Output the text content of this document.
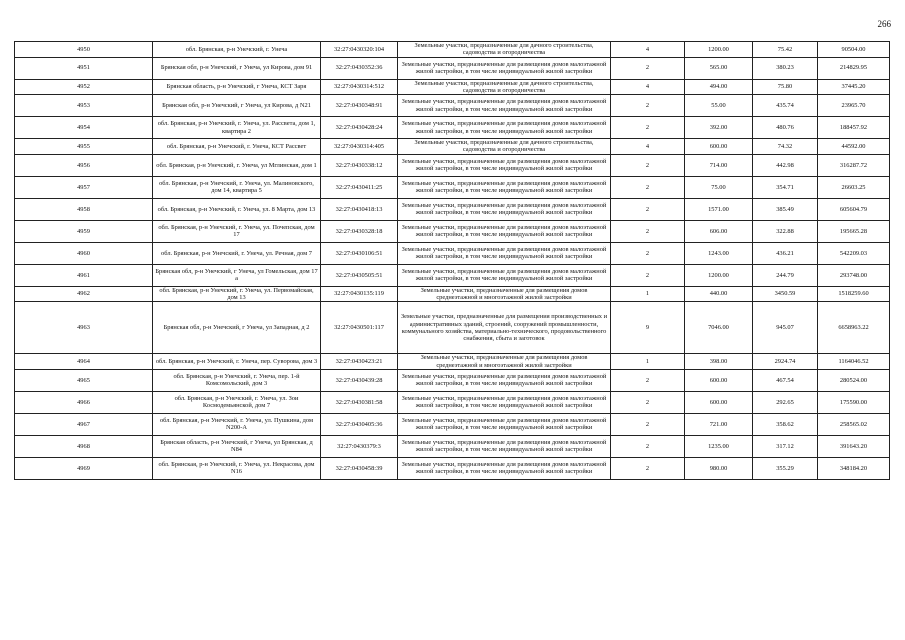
266
4950	обл. Брянская, р-н Унечский, г. Унеча	32:27:0430320:104	Земельные участки, предназначенные для дачного строительства, садоводства и огородничества	4	1200.00	75.42	90504.00
4951	Брянская обл, р-н Унечский, г Унеча, ул Кирова, дом 91	32:27:0430352:36	Земельные участки, предназначенные для размещения домов малоэтажной жилой застройки, в том числе индивидуальной жилой застройки	2	565.00	380.23	214829.95
4952	Брянская область, р-н Унечский, г Унеча, КСТ Заря	32:27:0430314:512	Земельные участки, предназначенные для дачного строительства, садоводства и огородничества	4	494.00	75.80	37445.20
4953	Брянская обл, р-н Унечский, г Унеча, ул Кирова, д N21	32:27:0430348:91	Земельные участки, предназначенные для размещения домов малоэтажной жилой застройки, в том числе индивидуальной жилой застройки	2	55.00	435.74	23965.70
4954	обл. Брянская, р-н Унечский, г. Унеча, ул. Рассвета, дом 1, квартира 2	32:27:0430428:24	Земельные участки, предназначенные для размещения домов малоэтажной жилой застройки, в том числе индивидуальной жилой застройки	2	392.00	480.76	188457.92
4955	обл. Брянская, р-н Унечский, г. Унеча, КСТ Рассвет	32:27:0430314:405	Земельные участки, предназначенные для дачного строительства, садоводства и огородничества	4	600.00	74.32	44592.00
4956	обл. Брянская, р-н Унечский, г. Унеча, ул Мглинская, дом 1	32:27:0430338:12	Земельные участки, предназначенные для размещения домов малоэтажной жилой застройки, в том числе индивидуальной жилой застройки	2	714.00	442.98	316287.72
4957	обл. Брянская, р-н Унечский, г. Унеча, ул. Малиновского, дом 14, квартира 5	32:27:0430411:25	Земельные участки, предназначенные для размещения домов малоэтажной жилой застройки, в том числе индивидуальной жилой застройки	2	75.00	354.71	26603.25
4958	обл. Брянская, р-н Унечский, г. Унеча, ул. 8 Марта, дом 13	32:27:0430418:13	Земельные участки, предназначенные для размещения домов малоэтажной жилой застройки, в том числе индивидуальной жилой застройки	2	1571.00	385.49	605604.79
4959	обл. Брянская, р-н Унечский, г. Унеча, ул. Почепская, дом 17	32:27:0430328:18	Земельные участки, предназначенные для размещения домов малоэтажной жилой застройки, в том числе индивидуальной жилой застройки	2	606.00	322.88	195665.28
4960	обл. Брянская, р-н Унечский, г. Унеча, ул. Речная, дом 7	32:27:0430106:51	Земельные участки, предназначенные для размещения домов малоэтажной жилой застройки, в том числе индивидуальной жилой застройки	2	1243.00	436.21	542209.03
4961	Брянская обл, р-н Унечский, г Унеча, ул Гомельская, дом 17 а	32:27:0430505:51	Земельные участки, предназначенные для размещения домов малоэтажной жилой застройки, в том числе индивидуальной жилой застройки	2	1200.00	244.79	293748.00
4962	обл. Брянская, р-н Унечский, г. Унеча, ул. Первомайская, дом 13	32:27:0430135:119	Земельные участки, предназначенные для размещения домов среднеэтажной и многоэтажной жилой застройки	1	440.00	3450.59	1518259.60
4963	Брянская обл, р-н Унечский, г Унеча, ул Западная, д 2	32:27:0430501:117	Земельные участки, предназначенные для размещения производственных и административных зданий, строений, сооружений промышленности, коммунального хозяйства, материально-технического, продовольственного снабжения, сбыта и заготовок	9	7046.00	945.07	6658963.22
4964	обл. Брянская, р-н Унечский, г. Унеча, пер. Суворова, дом 3	32:27:0430423:21	Земельные участки, предназначенные для размещения домов среднеэтажной и многоэтажной жилой застройки	1	398.00	2924.74	1164046.52
4965	обл. Брянская, р-н Унечский, г. Унеча, пер. 1-й Комсомольский, дом 3	32:27:0430439:28	Земельные участки, предназначенные для размещения домов малоэтажной жилой застройки, в том числе индивидуальной жилой застройки	2	600.00	467.54	280524.00
4966	обл. Брянская, р-н Унечский, г. Унеча, ул. Зои Космодемьянской, дом 7	32:27:0430381:58	Земельные участки, предназначенные для размещения домов малоэтажной жилой застройки, в том числе индивидуальной жилой застройки	2	600.00	292.65	175590.00
4967	обл. Брянская, р-н Унечский, г. Унеча, ул. Пушкина, дом N200-А	32:27:0430405:36	Земельные участки, предназначенные для размещения домов малоэтажной жилой застройки, в том числе индивидуальной жилой застройки	2	721.00	358.62	258565.02
4968	Брянская область, р-н Унечский, г Унеча, ул Брянская, д N84	32:27:0430379:3	Земельные участки, предназначенные для размещения домов малоэтажной жилой застройки, в том числе индивидуальной жилой застройки	2	1235.00	317.12	391643.20
4969	обл. Брянская, р-н Унечский, г. Унеча, ул. Некрасова, дом N16	32:27:0430458:39	Земельные участки, предназначенные для размещения домов малоэтажной жилой застройки, в том числе индивидуальной жилой застройки	2	980.00	355.29	348184.20
